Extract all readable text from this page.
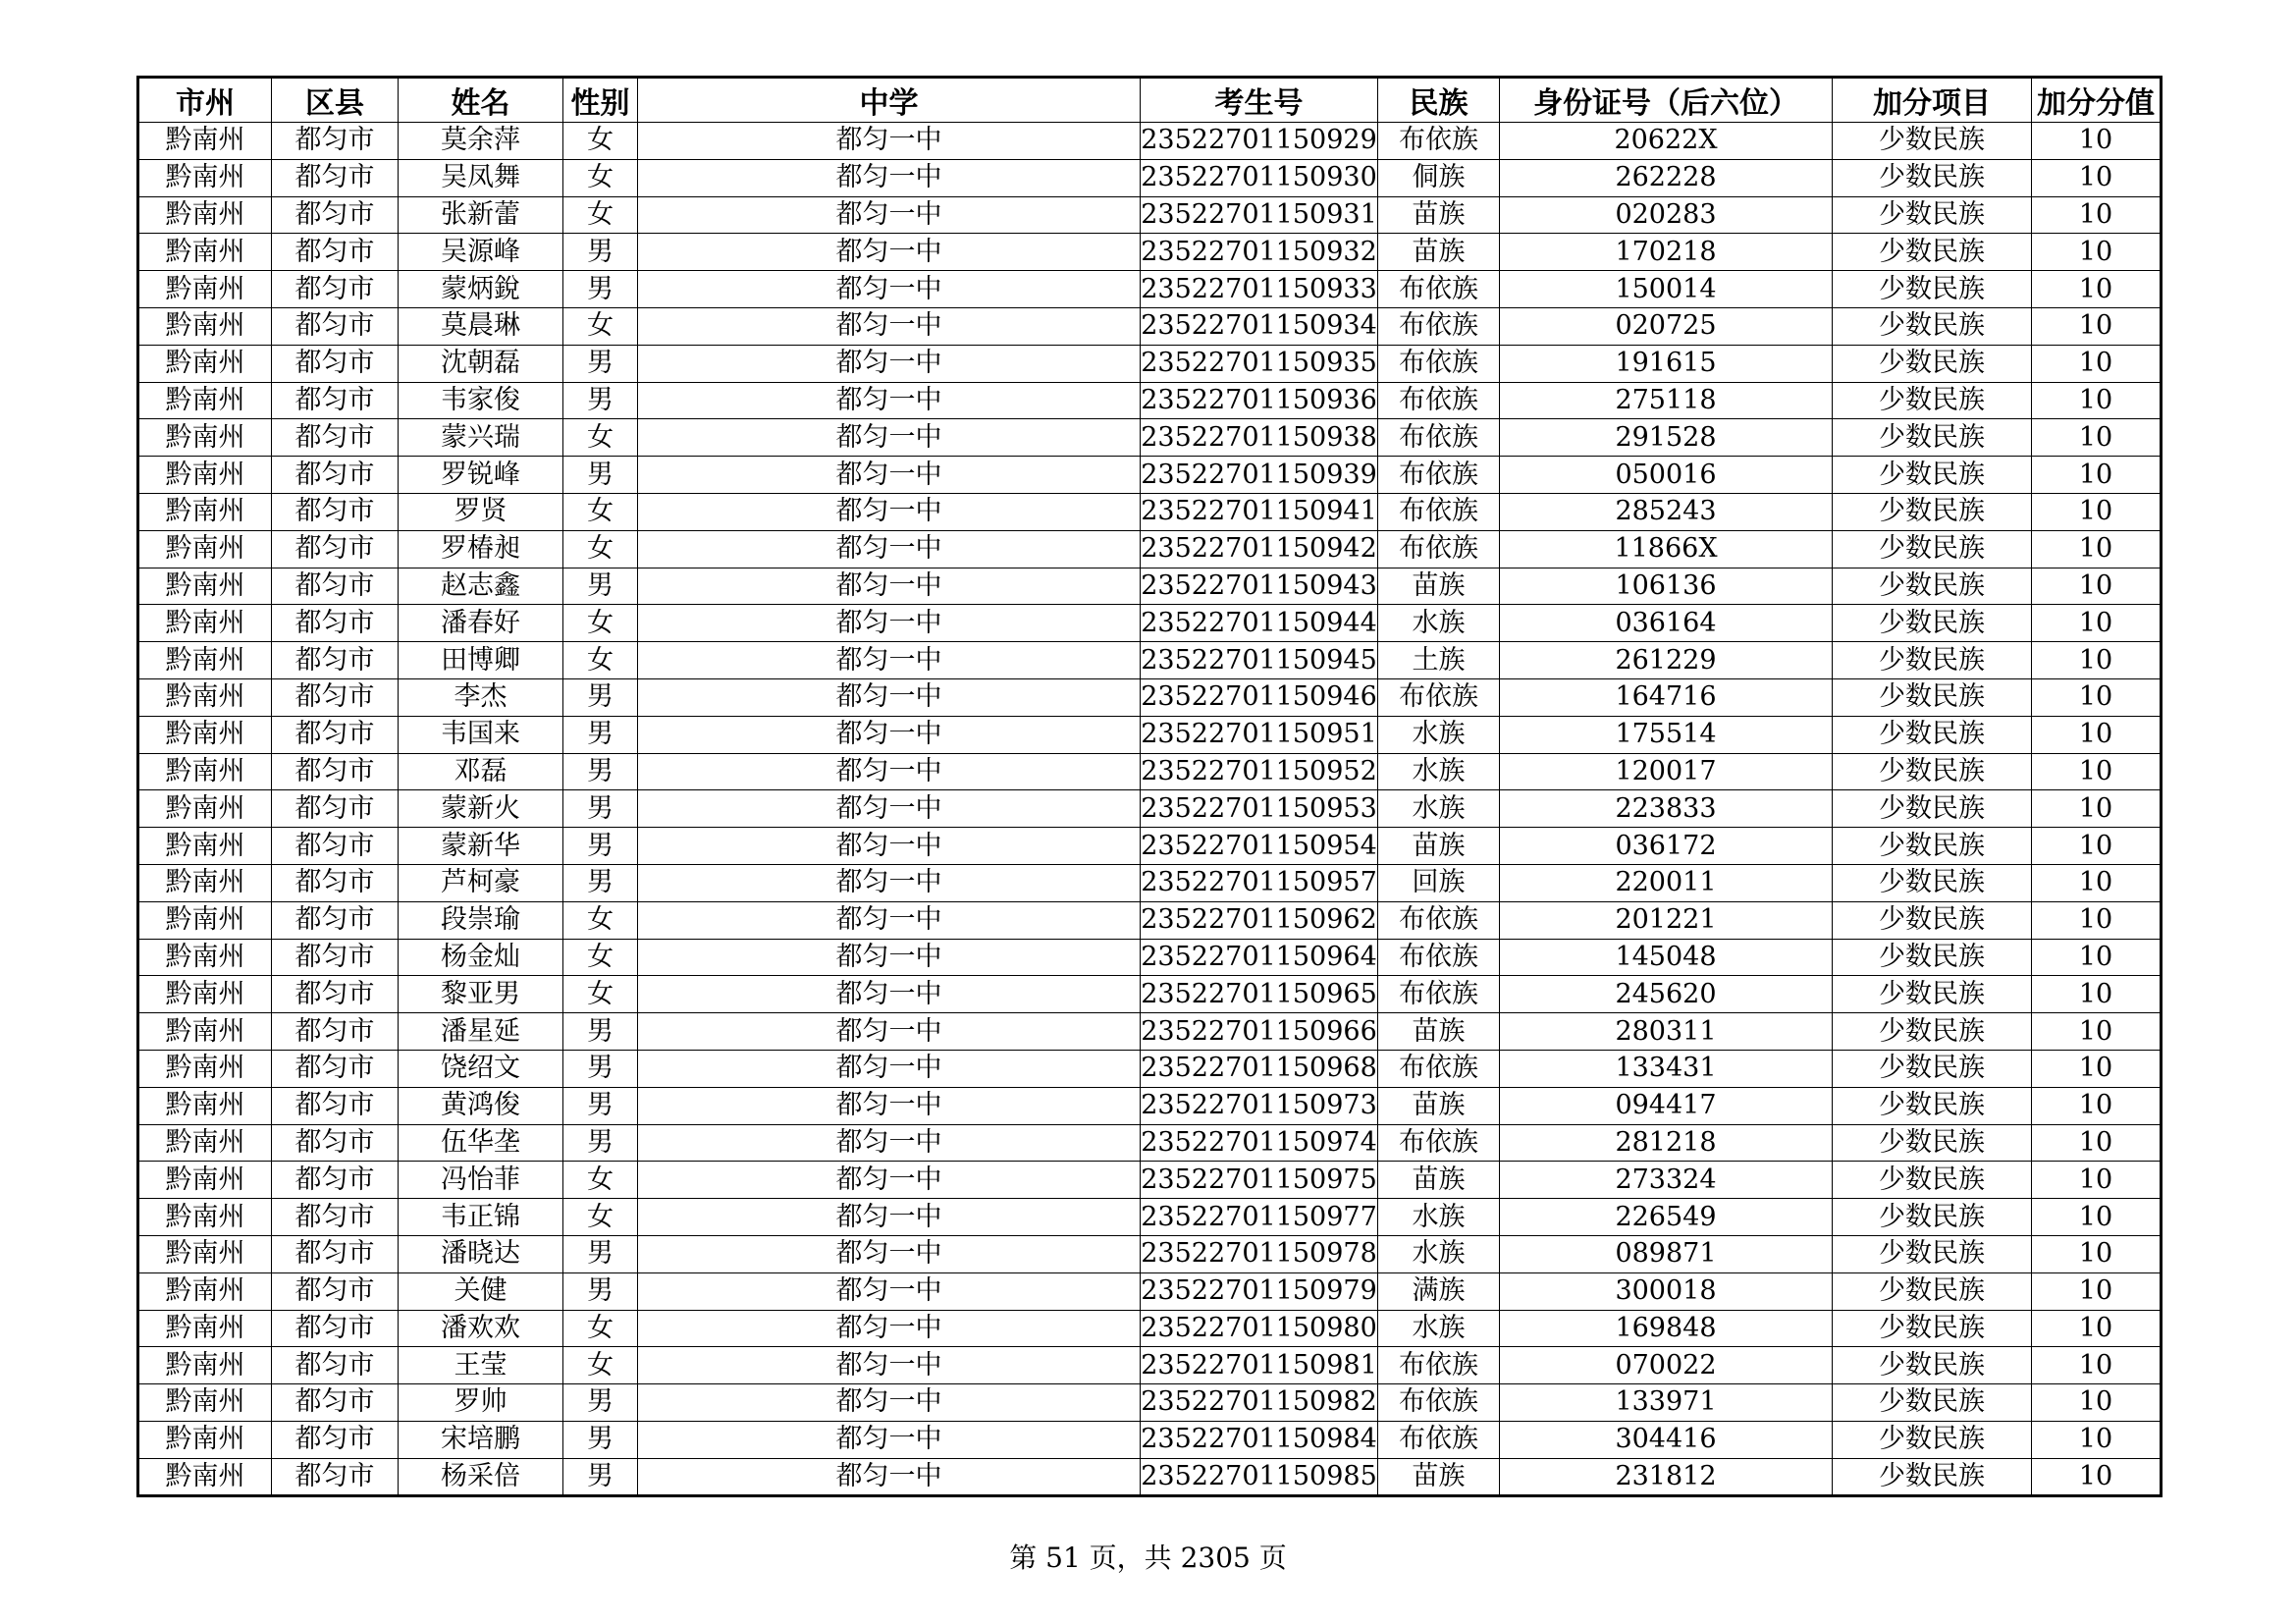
市州	区县	姓名	性别	中学	考生号	民族	身份证号（后六位）	加分项目	加分分值
黔南州	都匀市	莫余萍	女	都匀一中	23522701150929	布依族	20622X	少数民族	10
黔南州	都匀市	吴凤舞	女	都匀一中	23522701150930	侗族	262228	少数民族	10
黔南州	都匀市	张新蕾	女	都匀一中	23522701150931	苗族	020283	少数民族	10
黔南州	都匀市	吴源峰	男	都匀一中	23522701150932	苗族	170218	少数民族	10
黔南州	都匀市	蒙炳銳	男	都匀一中	23522701150933	布依族	150014	少数民族	10
黔南州	都匀市	莫晨琳	女	都匀一中	23522701150934	布依族	020725	少数民族	10
黔南州	都匀市	沈朝磊	男	都匀一中	23522701150935	布依族	191615	少数民族	10
黔南州	都匀市	韦家俊	男	都匀一中	23522701150936	布依族	275118	少数民族	10
黔南州	都匀市	蒙兴瑞	女	都匀一中	23522701150938	布依族	291528	少数民族	10
黔南州	都匀市	罗锐峰	男	都匀一中	23522701150939	布依族	050016	少数民族	10
黔南州	都匀市	罗贤	女	都匀一中	23522701150941	布依族	285243	少数民族	10
黔南州	都匀市	罗椿昶	女	都匀一中	23522701150942	布依族	11866X	少数民族	10
黔南州	都匀市	赵志鑫	男	都匀一中	23522701150943	苗族	106136	少数民族	10
黔南州	都匀市	潘春好	女	都匀一中	23522701150944	水族	036164	少数民族	10
黔南州	都匀市	田博卿	女	都匀一中	23522701150945	土族	261229	少数民族	10
黔南州	都匀市	李杰	男	都匀一中	23522701150946	布依族	164716	少数民族	10
黔南州	都匀市	韦国来	男	都匀一中	23522701150951	水族	175514	少数民族	10
黔南州	都匀市	邓磊	男	都匀一中	23522701150952	水族	120017	少数民族	10
黔南州	都匀市	蒙新火	男	都匀一中	23522701150953	水族	223833	少数民族	10
黔南州	都匀市	蒙新华	男	都匀一中	23522701150954	苗族	036172	少数民族	10
黔南州	都匀市	芦柯豪	男	都匀一中	23522701150957	回族	220011	少数民族	10
黔南州	都匀市	段崇瑜	女	都匀一中	23522701150962	布依族	201221	少数民族	10
黔南州	都匀市	杨金灿	女	都匀一中	23522701150964	布依族	145048	少数民族	10
黔南州	都匀市	黎亚男	女	都匀一中	23522701150965	布依族	245620	少数民族	10
黔南州	都匀市	潘星延	男	都匀一中	23522701150966	苗族	280311	少数民族	10
黔南州	都匀市	饶绍文	男	都匀一中	23522701150968	布依族	133431	少数民族	10
黔南州	都匀市	黄鸿俊	男	都匀一中	23522701150973	苗族	094417	少数民族	10
黔南州	都匀市	伍华垄	男	都匀一中	23522701150974	布依族	281218	少数民族	10
黔南州	都匀市	冯怡菲	女	都匀一中	23522701150975	苗族	273324	少数民族	10
黔南州	都匀市	韦正锦	女	都匀一中	23522701150977	水族	226549	少数民族	10
黔南州	都匀市	潘晓达	男	都匀一中	23522701150978	水族	089871	少数民族	10
黔南州	都匀市	关健	男	都匀一中	23522701150979	满族	300018	少数民族	10
黔南州	都匀市	潘欢欢	女	都匀一中	23522701150980	水族	169848	少数民族	10
黔南州	都匀市	王莹	女	都匀一中	23522701150981	布依族	070022	少数民族	10
黔南州	都匀市	罗帅	男	都匀一中	23522701150982	布依族	133971	少数民族	10
黔南州	都匀市	宋培鹏	男	都匀一中	23522701150984	布依族	304416	少数民族	10
黔南州	都匀市	杨采倍	男	都匀一中	23522701150985	苗族	231812	少数民族	10
第 51 页，共 2305 页
